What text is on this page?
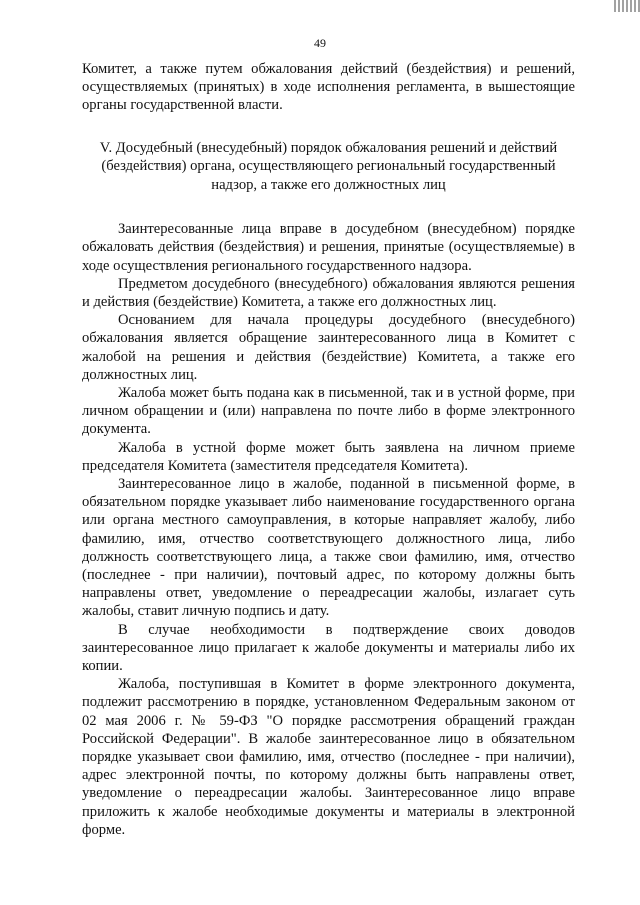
49

Комитет, а также путем обжалования действий (бездействия) и решений, осуществляемых (принятых) в ходе исполнения регламента, в вышестоящие органы государственной власти.

V. Досудебный (внесудебный) порядок обжалования решений и действий (бездействия) органа, осуществляющего региональный государственный надзор, а также его должностных лиц

Заинтересованные лица вправе в досудебном (внесудебном) порядке обжаловать действия (бездействия) и решения, принятые (осуществляемые) в ходе осуществления регионального государственного надзора.

Предметом досудебного (внесудебного) обжалования являются решения и действия (бездействие) Комитета, а также его должностных лиц.

Основанием для начала процедуры досудебного (внесудебного) обжалования является обращение заинтересованного лица в Комитет с жалобой на решения и действия (бездействие) Комитета, а также его должностных лиц.

Жалоба может быть подана как в письменной, так и в устной форме, при личном обращении и (или) направлена по почте либо в форме электронного документа.

Жалоба в устной форме может быть заявлена на личном приеме председателя Комитета (заместителя председателя Комитета).

Заинтересованное лицо в жалобе, поданной в письменной форме, в обязательном порядке указывает либо наименование государственного органа или органа местного самоуправления, в которые направляет жалобу, либо фамилию, имя, отчество соответствующего должностного лица, либо должность соответствующего лица, а также свои фамилию, имя, отчество (последнее - при наличии), почтовый адрес, по которому должны быть направлены ответ, уведомление о переадресации жалобы, излагает суть жалобы, ставит личную подпись и дату.

В случае необходимости в подтверждение своих доводов заинтересованное лицо прилагает к жалобе документы и материалы либо их копии.

Жалоба, поступившая в Комитет в форме электронного документа, подлежит рассмотрению в порядке, установленном Федеральным законом от 02 мая 2006 г. № 59-ФЗ "О порядке рассмотрения обращений граждан Российской Федерации". В жалобе заинтересованное лицо в обязательном порядке указывает свои фамилию, имя, отчество (последнее - при наличии), адрес электронной почты, по которому должны быть направлены ответ, уведомление о переадресации жалобы. Заинтересованное лицо вправе приложить к жалобе необходимые документы и материалы в электронной форме.
